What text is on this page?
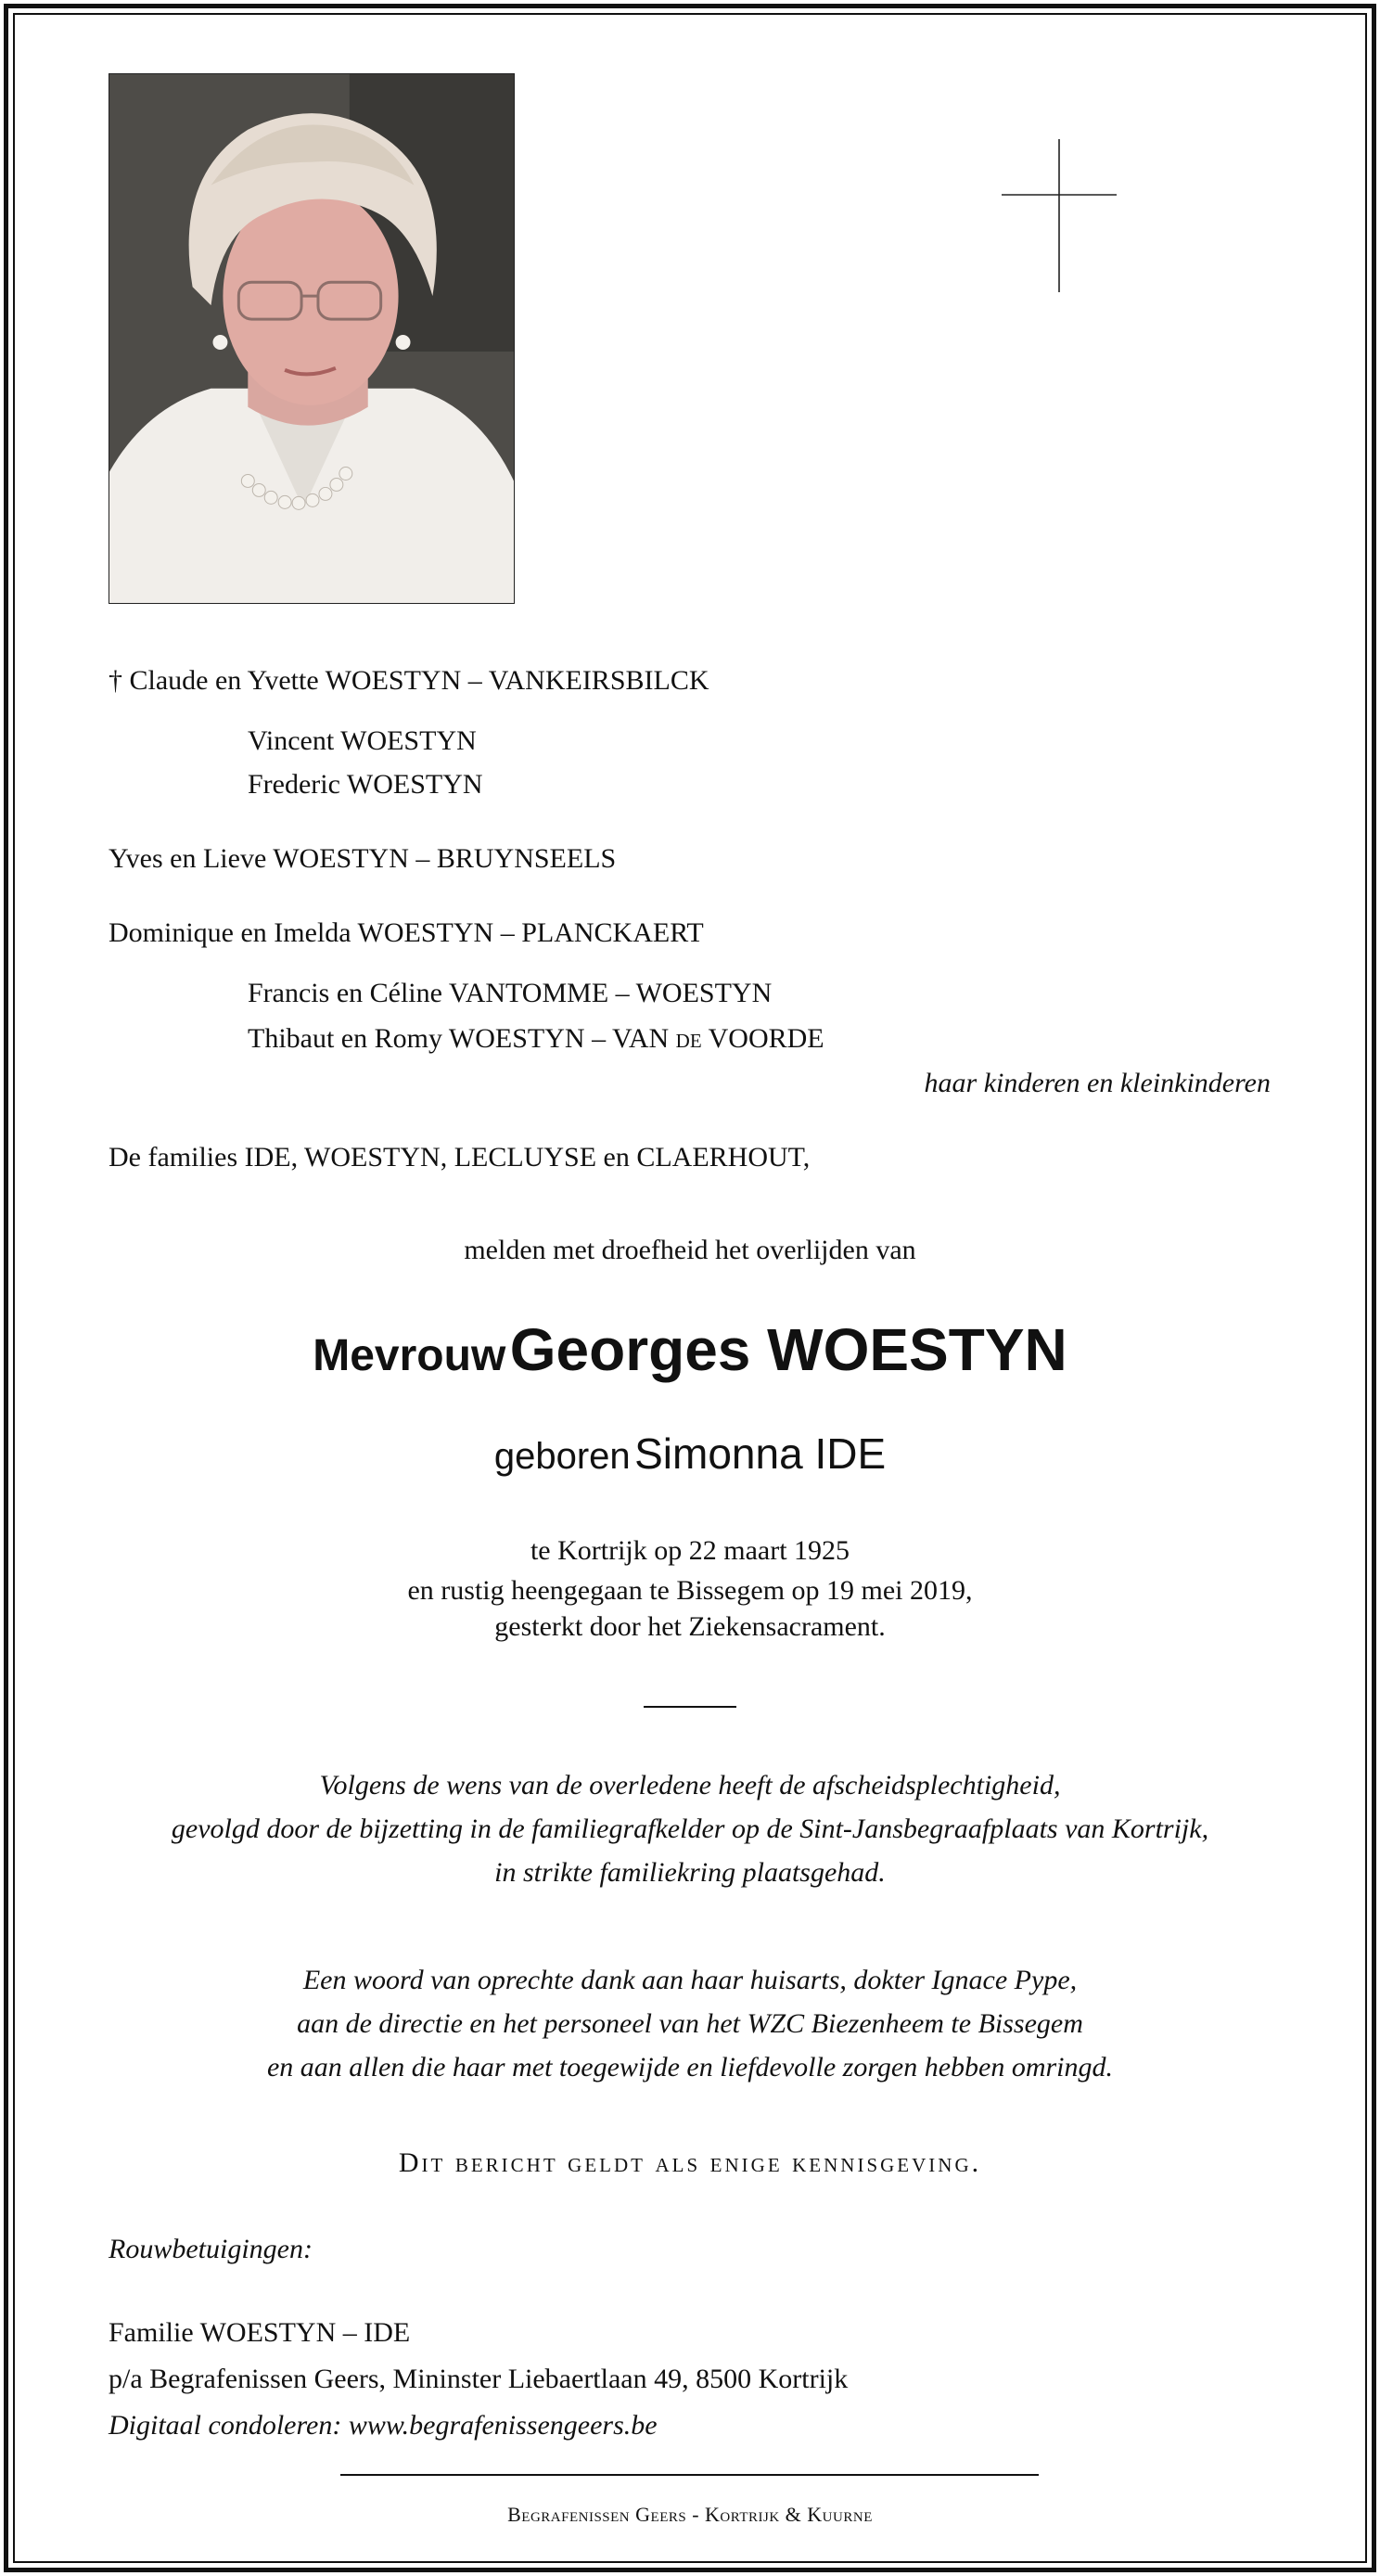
† Claude en Yvette WOESTYN – VANKEIRSBILCK
Vincent WOESTYN
Frederic WOESTYN
Yves en Lieve WOESTYN – BRUYNSEELS
Dominique en Imelda WOESTYN – PLANCKAERT
Francis en Céline VANTOMME – WOESTYN
Thibaut en Romy WOESTYN – VAN de VOORDE
haar kinderen en kleinkinderen
De families IDE, WOESTYN, LECLUYSE en CLAERHOUT,
melden met droefheid het overlijden van
Mevrouw Georges WOESTYN
geboren Simonna IDE
te Kortrijk op 22 maart 1925
en rustig heengegaan te Bissegem op 19 mei 2019,
gesterkt door het Ziekensacrament.
Volgens de wens van de overledene heeft de afscheidsplechtigheid,
gevolgd door de bijzetting in de familiegrafkelder op de Sint-Jansbegraafplaats van Kortrijk,
in strikte familiekring plaatsgehad.
Een woord van oprechte dank aan haar huisarts, dokter Ignace Pype,
aan de directie en het personeel van het WZC Biezenheem te Bissegem
en aan allen die haar met toegewijde en liefdevolle zorgen hebben omringd.
Dit bericht geldt als enige kennisgeving.
Rouwbetuigingen:
Familie WOESTYN – IDE
p/a Begrafenissen Geers, Mininster Liebaertlaan 49, 8500 Kortrijk
Digitaal condoleren: www.begrafenissengeers.be
Begrafenissen Geers - Kortrijk & Kuurne
